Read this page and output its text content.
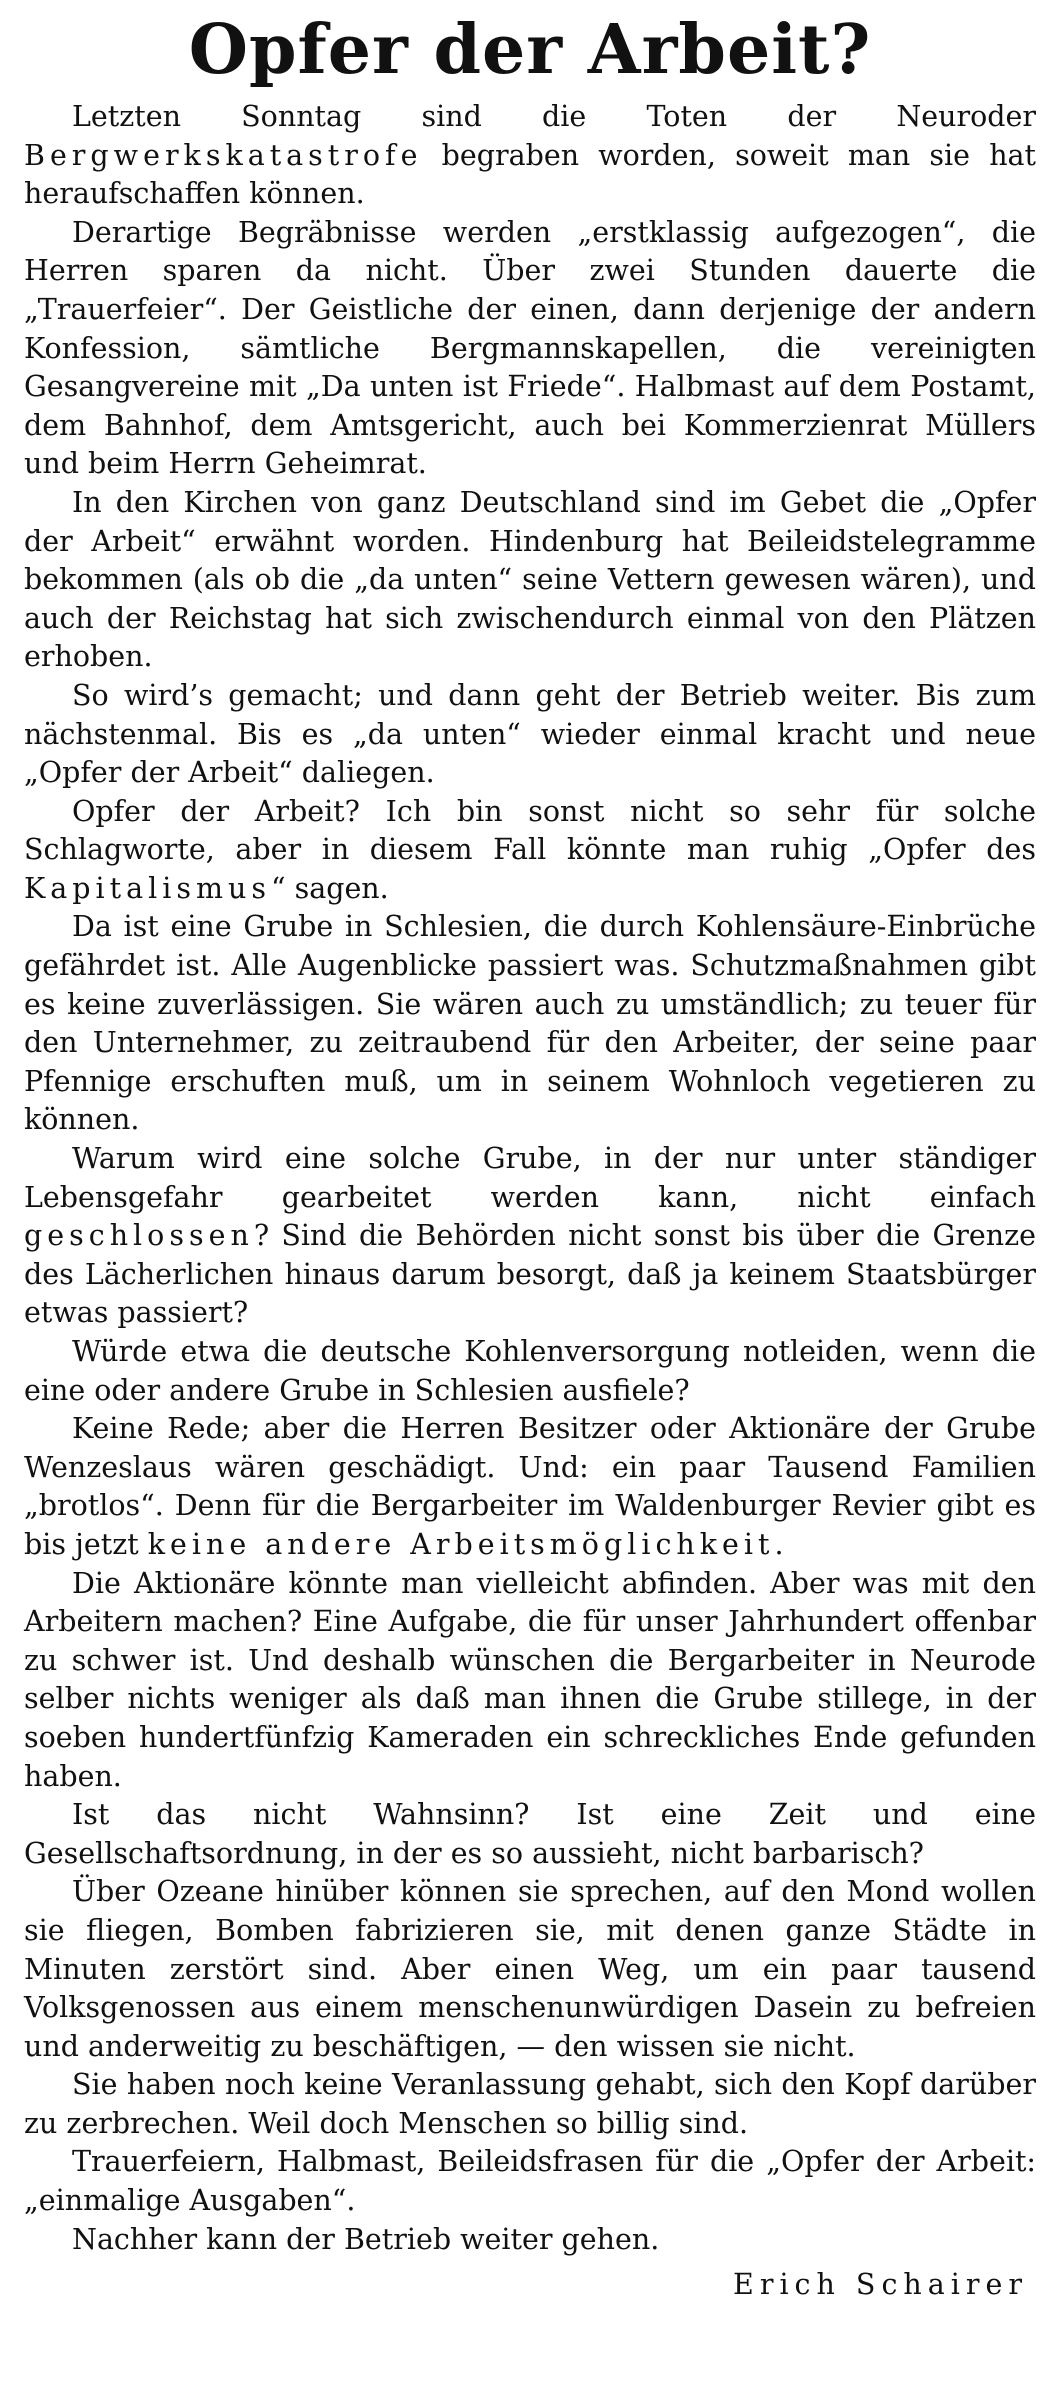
Opfer der Arbeit?

Letzten Sonntag sind die Toten der Neuroder Bergwerkskatastrofe begraben worden, soweit man sie hat heraufschaffen können.

Derartige Begräbnisse werden „erstklassig aufgezogen“, die Herren sparen da nicht. Über zwei Stunden dauerte die „Trauerfeier“. Der Geistliche der einen, dann derjenige der andern Konfession, sämtliche Bergmannskapellen, die vereinigten Gesangvereine mit „Da unten ist Friede“. Halbmast auf dem Postamt, dem Bahnhof, dem Amtsgericht, auch bei Kommerzienrat Müllers und beim Herrn Geheimrat.

In den Kirchen von ganz Deutschland sind im Gebet die „Opfer der Arbeit“ erwähnt worden. Hindenburg hat Beileidstelegramme bekommen (als ob die „da unten“ seine Vettern gewesen wären), und auch der Reichstag hat sich zwischendurch einmal von den Plätzen erhoben.

So wird’s gemacht; und dann geht der Betrieb weiter. Bis zum nächstenmal. Bis es „da unten“ wieder einmal kracht und neue „Opfer der Arbeit“ daliegen.

Opfer der Arbeit? Ich bin sonst nicht so sehr für solche Schlagworte, aber in diesem Fall könnte man ruhig „Opfer des Kapitalismus“ sagen.

Da ist eine Grube in Schlesien, die durch Kohlensäure-Einbrüche gefährdet ist. Alle Augenblicke passiert was. Schutzmaßnahmen gibt es keine zuverlässigen. Sie wären auch zu umständlich; zu teuer für den Unternehmer, zu zeitraubend für den Arbeiter, der seine paar Pfennige erschuften muß, um in seinem Wohnloch vegetieren zu können.

Warum wird eine solche Grube, in der nur unter ständiger Lebensgefahr gearbeitet werden kann, nicht einfach geschlossen? Sind die Behörden nicht sonst bis über die Grenze des Lächerlichen hinaus darum besorgt, daß ja keinem Staatsbürger etwas passiert?

Würde etwa die deutsche Kohlenversorgung notleiden, wenn die eine oder andere Grube in Schlesien ausfiele?

Keine Rede; aber die Herren Besitzer oder Aktionäre der Grube Wenzeslaus wären geschädigt. Und: ein paar Tausend Familien „brotlos“. Denn für die Bergarbeiter im Waldenburger Revier gibt es bis jetzt keine andere Arbeitsmöglichkeit.

Die Aktionäre könnte man vielleicht abfinden. Aber was mit den Arbeitern machen? Eine Aufgabe, die für unser Jahrhundert offenbar zu schwer ist. Und deshalb wünschen die Bergarbeiter in Neurode selber nichts weniger als daß man ihnen die Grube stillege, in der soeben hundertfünfzig Kameraden ein schreckliches Ende gefunden haben.

Ist das nicht Wahnsinn? Ist eine Zeit und eine Gesellschaftsordnung, in der es so aussieht, nicht barbarisch?

Über Ozeane hinüber können sie sprechen, auf den Mond wollen sie fliegen, Bomben fabrizieren sie, mit denen ganze Städte in Minuten zerstört sind. Aber einen Weg, um ein paar tausend Volksgenossen aus einem menschenunwürdigen Dasein zu befreien und anderweitig zu beschäftigen, — den wissen sie nicht.

Sie haben noch keine Veranlassung gehabt, sich den Kopf darüber zu zerbrechen. Weil doch Menschen so billig sind.

Trauerfeiern, Halbmast, Beileidsfrasen für die „Opfer der Arbeit: „einmalige Ausgaben“.

Nachher kann der Betrieb weiter gehen.

Erich Schairer
